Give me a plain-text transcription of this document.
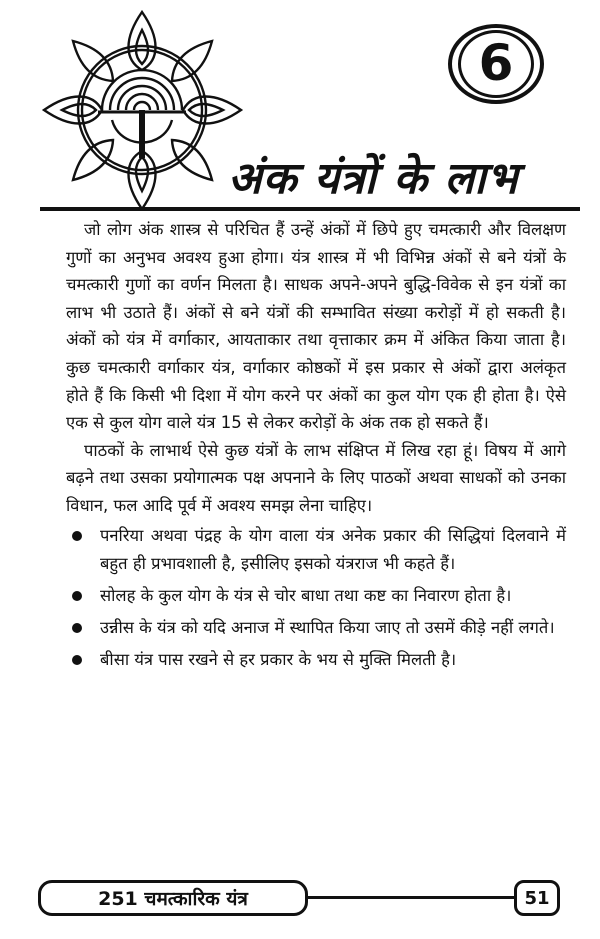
6
अंक यंत्रों के लाभ

जो लोग अंक शास्त्र से परिचित हैं उन्हें अंकों में छिपे हुए चमत्कारी और विलक्षण गुणों का अनुभव अवश्य हुआ होगा। यंत्र शास्त्र में भी विभिन्न अंकों से बने यंत्रों के चमत्कारी गुणों का वर्णन मिलता है। साधक अपने-अपने बुद्धि-विवेक से इन यंत्रों का लाभ भी उठाते हैं। अंकों से बने यंत्रों की सम्भावित संख्या करोड़ों में हो सकती है। अंकों को यंत्र में वर्गाकार, आयताकार तथा वृत्ताकार क्रम में अंकित किया जाता है। कुछ चमत्कारी वर्गाकार यंत्र, वर्गाकार कोष्ठकों में इस प्रकार से अंकों द्वारा अलंकृत होते हैं कि किसी भी दिशा में योग करने पर अंकों का कुल योग एक ही होता है। ऐसे एक से कुल योग वाले यंत्र 15 से लेकर करोड़ों के अंक तक हो सकते हैं।

पाठकों के लाभार्थ ऐसे कुछ यंत्रों के लाभ संक्षिप्त में लिख रहा हूं। विषय में आगे बढ़ने तथा उसका प्रयोगात्मक पक्ष अपनाने के लिए पाठकों अथवा साधकों को उनका विधान, फल आदि पूर्व में अवश्य समझ लेना चाहिए।

पनरिया अथवा पंद्रह के योग वाला यंत्र अनेक प्रकार की सिद्धियां दिलवाने में बहुत ही प्रभावशाली है, इसीलिए इसको यंत्रराज भी कहते हैं।
सोलह के कुल योग के यंत्र से चोर बाधा तथा कष्ट का निवारण होता है।
उन्नीस के यंत्र को यदि अनाज में स्थापित किया जाए तो उसमें कीड़े नहीं लगते।
बीसा यंत्र पास रखने से हर प्रकार के भय से मुक्ति मिलती है।
251 चमत्कारिक यंत्र	51
